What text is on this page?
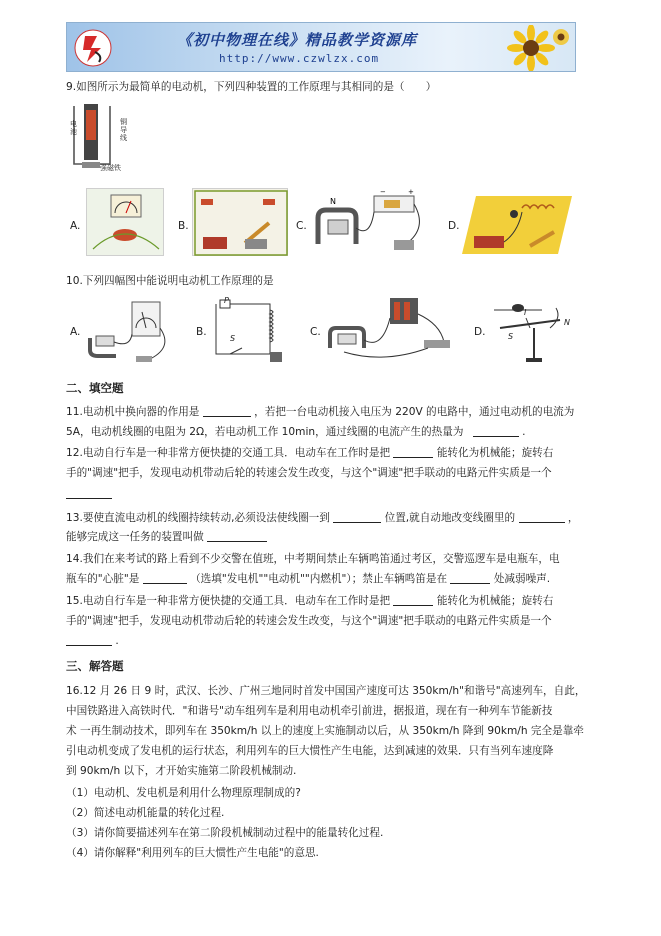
《初中物理在线》精品教学资源库
http://www.czwlzx.com
9.如图所示为最简单的电动机，下列四种装置的工作原理与其相同的是（　　）
电池
铜导线
强磁铁
A.	B.	C.
−	+
N
D.
10.下列四幅图中能说明电动机工作原理的是
A.	B.
P
S
C.	D.
I
S
N
二、填空题
11.电动机中换向器的作用是	，若把一台电动机接入电压为 220V 的电路中，通过电动机的电流为
5A，电动机线圈的电阻为 2Ω，若电动机工作 10min，通过线圈的电流产生的热量为	.
12.电动自行车是一种非常方便快捷的交通工具．电动车在工作时是把	能转化为机械能；旋转右
手的"调速"把手，发现电动机带动后轮的转速会发生改变，与这个"调速"把手联动的电路元件实质是一个
13.要使直流电动机的线圈持续转动,必须设法使线圈一到	位置,就自动地改变线圈里的	，
能够完成这一任务的装置叫做
14.我们在来考试的路上看到不少交警在值班，中考期间禁止车辆鸣笛通过考区，交警巡逻车是电瓶车，电
瓶车的"心脏"是	（选填"发电机""电动机""内燃机"）；禁止车辆鸣笛是在	处减弱噪声.
15.电动自行车是一种非常方便快捷的交通工具．电动车在工作时是把	能转化为机械能；旋转右
手的"调速"把手，发现电动机带动后轮的转速会发生改变，与这个"调速"把手联动的电路元件实质是一个
.
三、解答题
16.12 月 26 日 9 时，武汉、长沙、广州三地同时首发中国国产速度可达 350km/h"和谐号"高速列车，自此，
中国铁路进入高铁时代．"和谐号"动车组列车是利用电动机牵引前进，据报道，现在有一种列车节能新技
术 一再生制动技术，即列车在 350km/h 以上的速度上实施制动以后，从 350km/h 降到 90km/h 完全是靠牵
引电动机变成了发电机的运行状态，利用列车的巨大惯性产生电能，达到减速的效果．只有当列车速度降
到 90km/h 以下，才开始实施第二阶段机械制动.
（1）电动机、发电机是利用什么物理原理制成的?
（2）简述电动机能量的转化过程.
（3）请你简要描述列车在第二阶段机械制动过程中的能量转化过程.
（4）请你解释"利用列车的巨大惯性产生电能"的意思.
